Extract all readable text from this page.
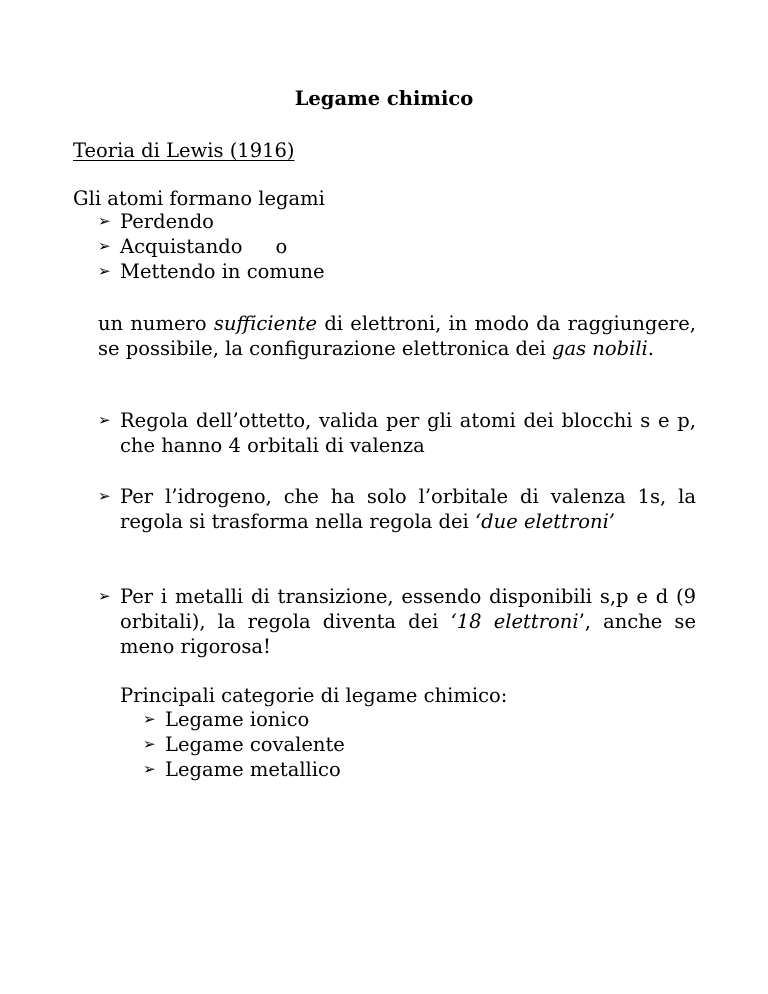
Legame chimico
Teoria di Lewis (1916)
Gli atomi formano legami
➢ Perdendo
➢ Acquistando o
➢ Mettendo in comune
un numero sufficiente di elettroni, in modo da raggiungere, se possibile, la configurazione elettronica dei gas nobili.
➢ Regola dell’ottetto, valida per gli atomi dei blocchi s e p, che hanno 4 orbitali di valenza
➢ Per l’idrogeno, che ha solo l’orbitale di valenza 1s, la regola si trasforma nella regola dei ‘due elettroni’
➢ Per i metalli di transizione, essendo disponibili s,p e d (9 orbitali), la regola diventa dei ‘18 elettroni’, anche se meno rigorosa!
Principali categorie di legame chimico:
➢ Legame ionico
➢ Legame covalente
➢ Legame metallico
